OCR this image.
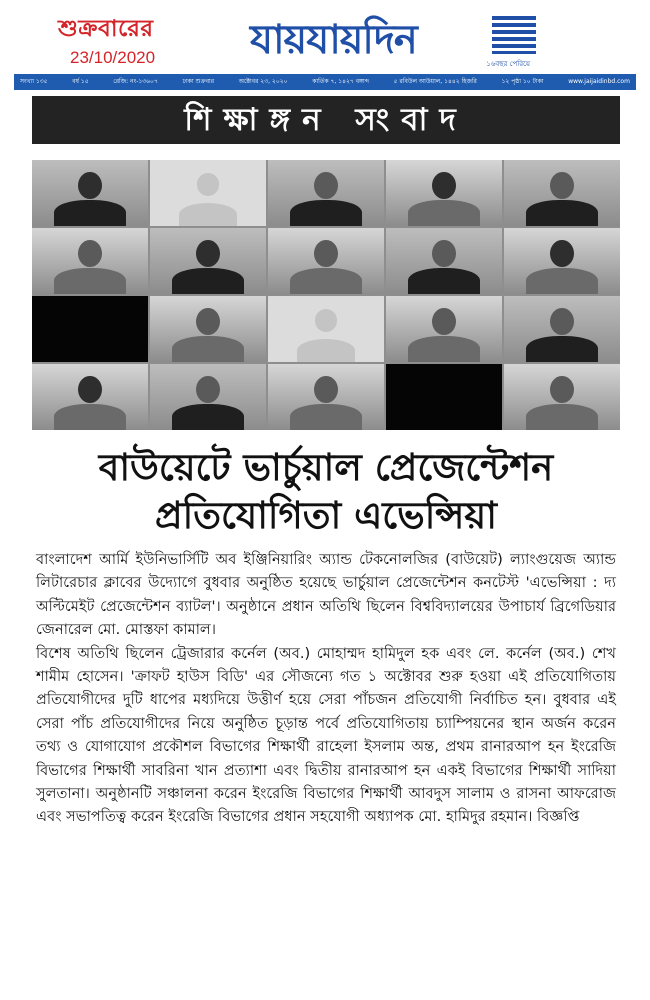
শুক্রবারের
23/10/2020 যায়যায়দিন
১৬বছর পেরিয়ে
সংখ্যা ১৩৫	বর্ষ ১৫	রেজি: নং-১৩৬০৭	ঢাকা শুক্রবার	অক্টোবর ২৩, ২০২০	কার্তিক ৭, ১৪২৭ বঙ্গাব্দ	৫ রবিউল আউয়াল, ১৪৪২ হিজরি	১২ পৃষ্ঠা ১০ টাকা	www.jaijaidinbd.com
শিক্ষাঙ্গন সংবাদ
বাউয়েটে ভার্চুয়াল প্রেজেন্টেশন
প্রতিযোগিতা এভেন্সিয়া

বাংলাদেশ আর্মি ইউনিভার্সিটি অব ইঞ্জিনিয়ারিং অ্যান্ড টেকনোলজির (বাউয়েট) ল্যাংগুয়েজ অ্যান্ড লিটারেচার ক্লাবের উদ্যোগে বুধবার অনুষ্ঠিত হয়েছে ভার্চুয়াল প্রেজেন্টেশন কনটেস্ট 'এভেন্সিয়া : দ্য অল্টিমেইট প্রেজেন্টেশন ব্যাটল'। অনুষ্ঠানে প্রধান অতিথি ছিলেন বিশ্ববিদ্যালয়ের উপাচার্য ব্রিগেডিয়ার জেনারেল মো. মোস্তফা কামাল।

বিশেষ অতিথি ছিলেন ট্রেজারার কর্নেল (অব.) মোহাম্মদ হামিদুল হক এবং লে. কর্নেল (অব.) শেখ শামীম হোসেন। 'ক্রাফট হাউস বিডি' এর সৌজন্যে গত ১ অক্টোবর শুরু হওয়া এই প্রতিযোগিতায় প্রতিযোগীদের দুটি ধাপের মধ্যদিয়ে উত্তীর্ণ হয়ে সেরা পাঁচজন প্রতিযোগী নির্বাচিত হন। বুধবার এই সেরা পাঁচ প্রতিযোগীদের নিয়ে অনুষ্ঠিত চূড়ান্ত পর্বে প্রতিযোগিতায় চ্যাম্পিয়নের স্থান অর্জন করেন তথ্য ও যোগাযোগ প্রকৌশল বিভাগের শিক্ষার্থী রাহেলা ইসলাম অন্ত, প্রথম রানারআপ হন ইংরেজি বিভাগের শিক্ষার্থী সাবরিনা খান প্রত্যাশা এবং দ্বিতীয় রানারআপ হন একই বিভাগের শিক্ষার্থী সাদিয়া সুলতানা। অনুষ্ঠানটি সঞ্চালনা করেন ইংরেজি বিভাগের শিক্ষার্থী আবদুস সালাম ও রাসনা আফরোজ এবং সভাপতিত্ব করেন ইংরেজি বিভাগের প্রধান সহযোগী অধ্যাপক মো. হামিদুর রহমান। বিজ্ঞপ্তি
